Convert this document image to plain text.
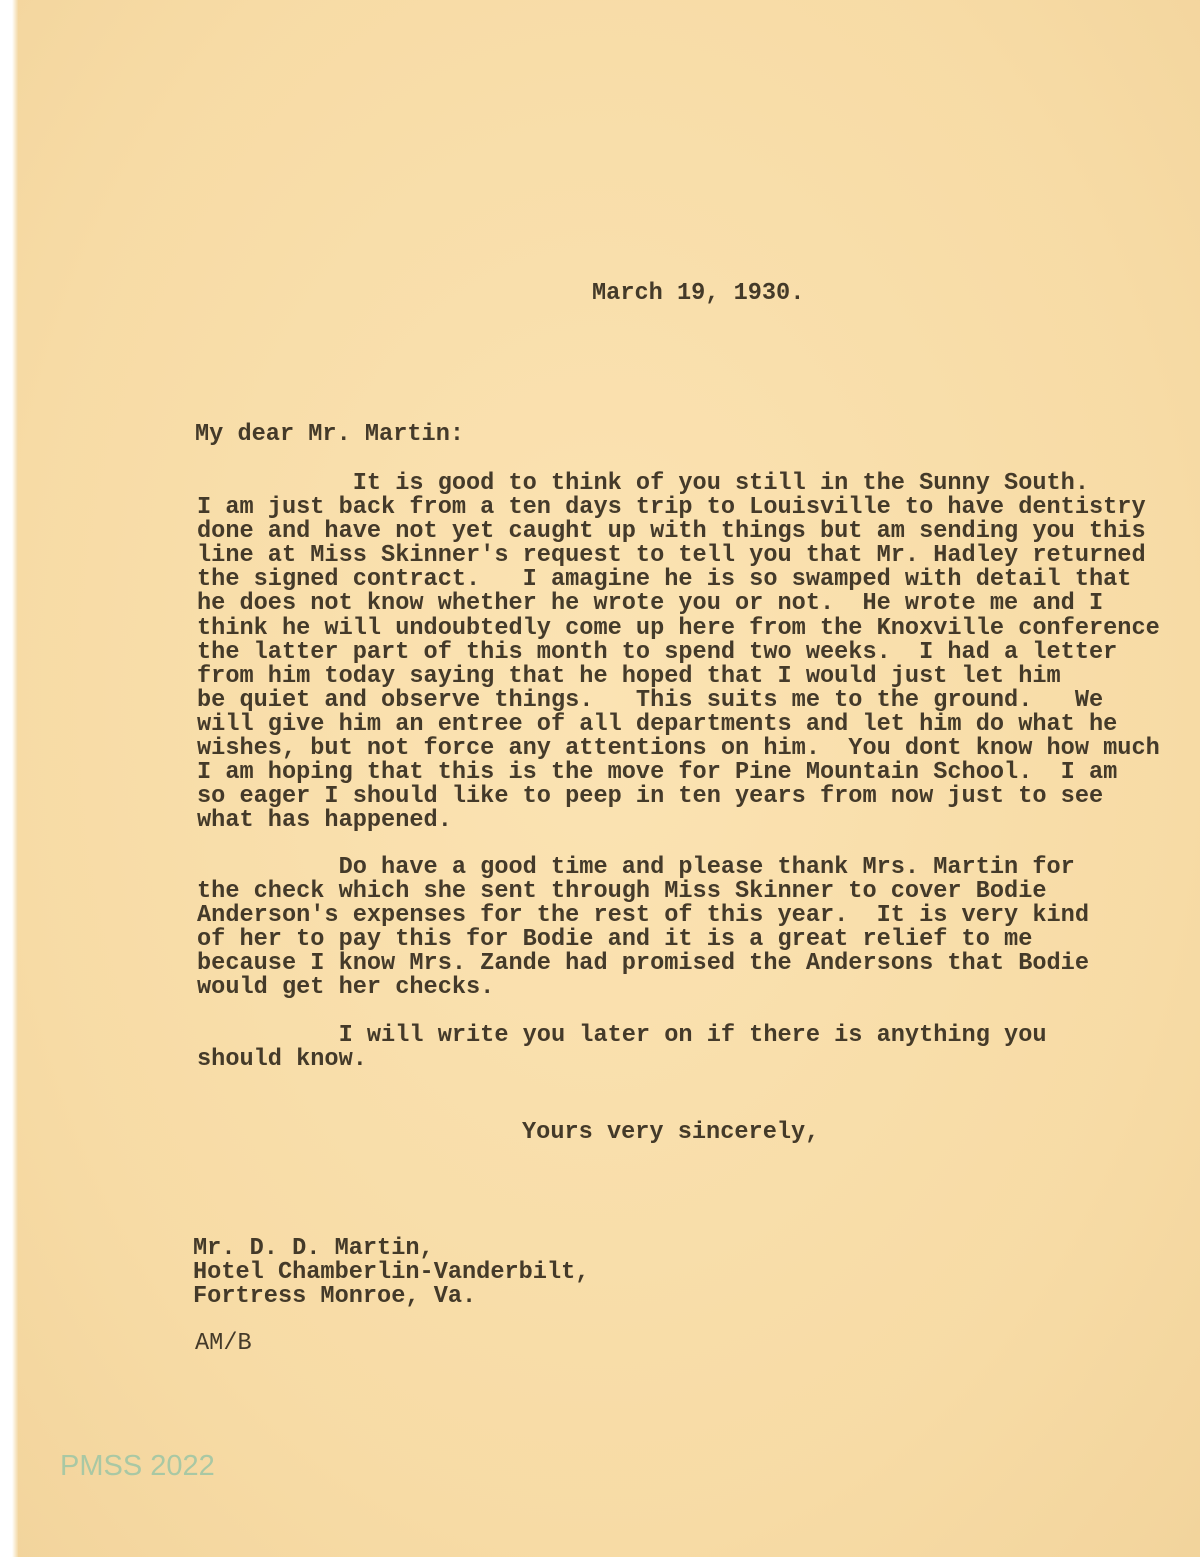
March 19, 1930.
My dear Mr. Martin:
It is good to think of you still in the Sunny South.
I am just back from a ten days trip to Louisville to have dentistry
done and have not yet caught up with things but am sending you this
line at Miss Skinner's request to tell you that Mr. Hadley returned
the signed contract.   I amagine he is so swamped with detail that
he does not know whether he wrote you or not.  He wrote me and I
think he will undoubtedly come up here from the Knoxville conference
the latter part of this month to spend two weeks.  I had a letter
from him today saying that he hoped that I would just let him
be quiet and observe things.   This suits me to the ground.   We
will give him an entree of all departments and let him do what he
wishes, but not force any attentions on him.  You dont know how much
I am hoping that this is the move for Pine Mountain School.  I am
so eager I should like to peep in ten years from now just to see
what has happened.
Do have a good time and please thank Mrs. Martin for
the check which she sent through Miss Skinner to cover Bodie
Anderson's expenses for the rest of this year.  It is very kind
of her to pay this for Bodie and it is a great relief to me
because I know Mrs. Zande had promised the Andersons that Bodie
would get her checks.
I will write you later on if there is anything you
should know.
Yours very sincerely,
Mr. D. D. Martin,
Hotel Chamberlin-Vanderbilt,
Fortress Monroe, Va.
AM/B
PMSS 2022
